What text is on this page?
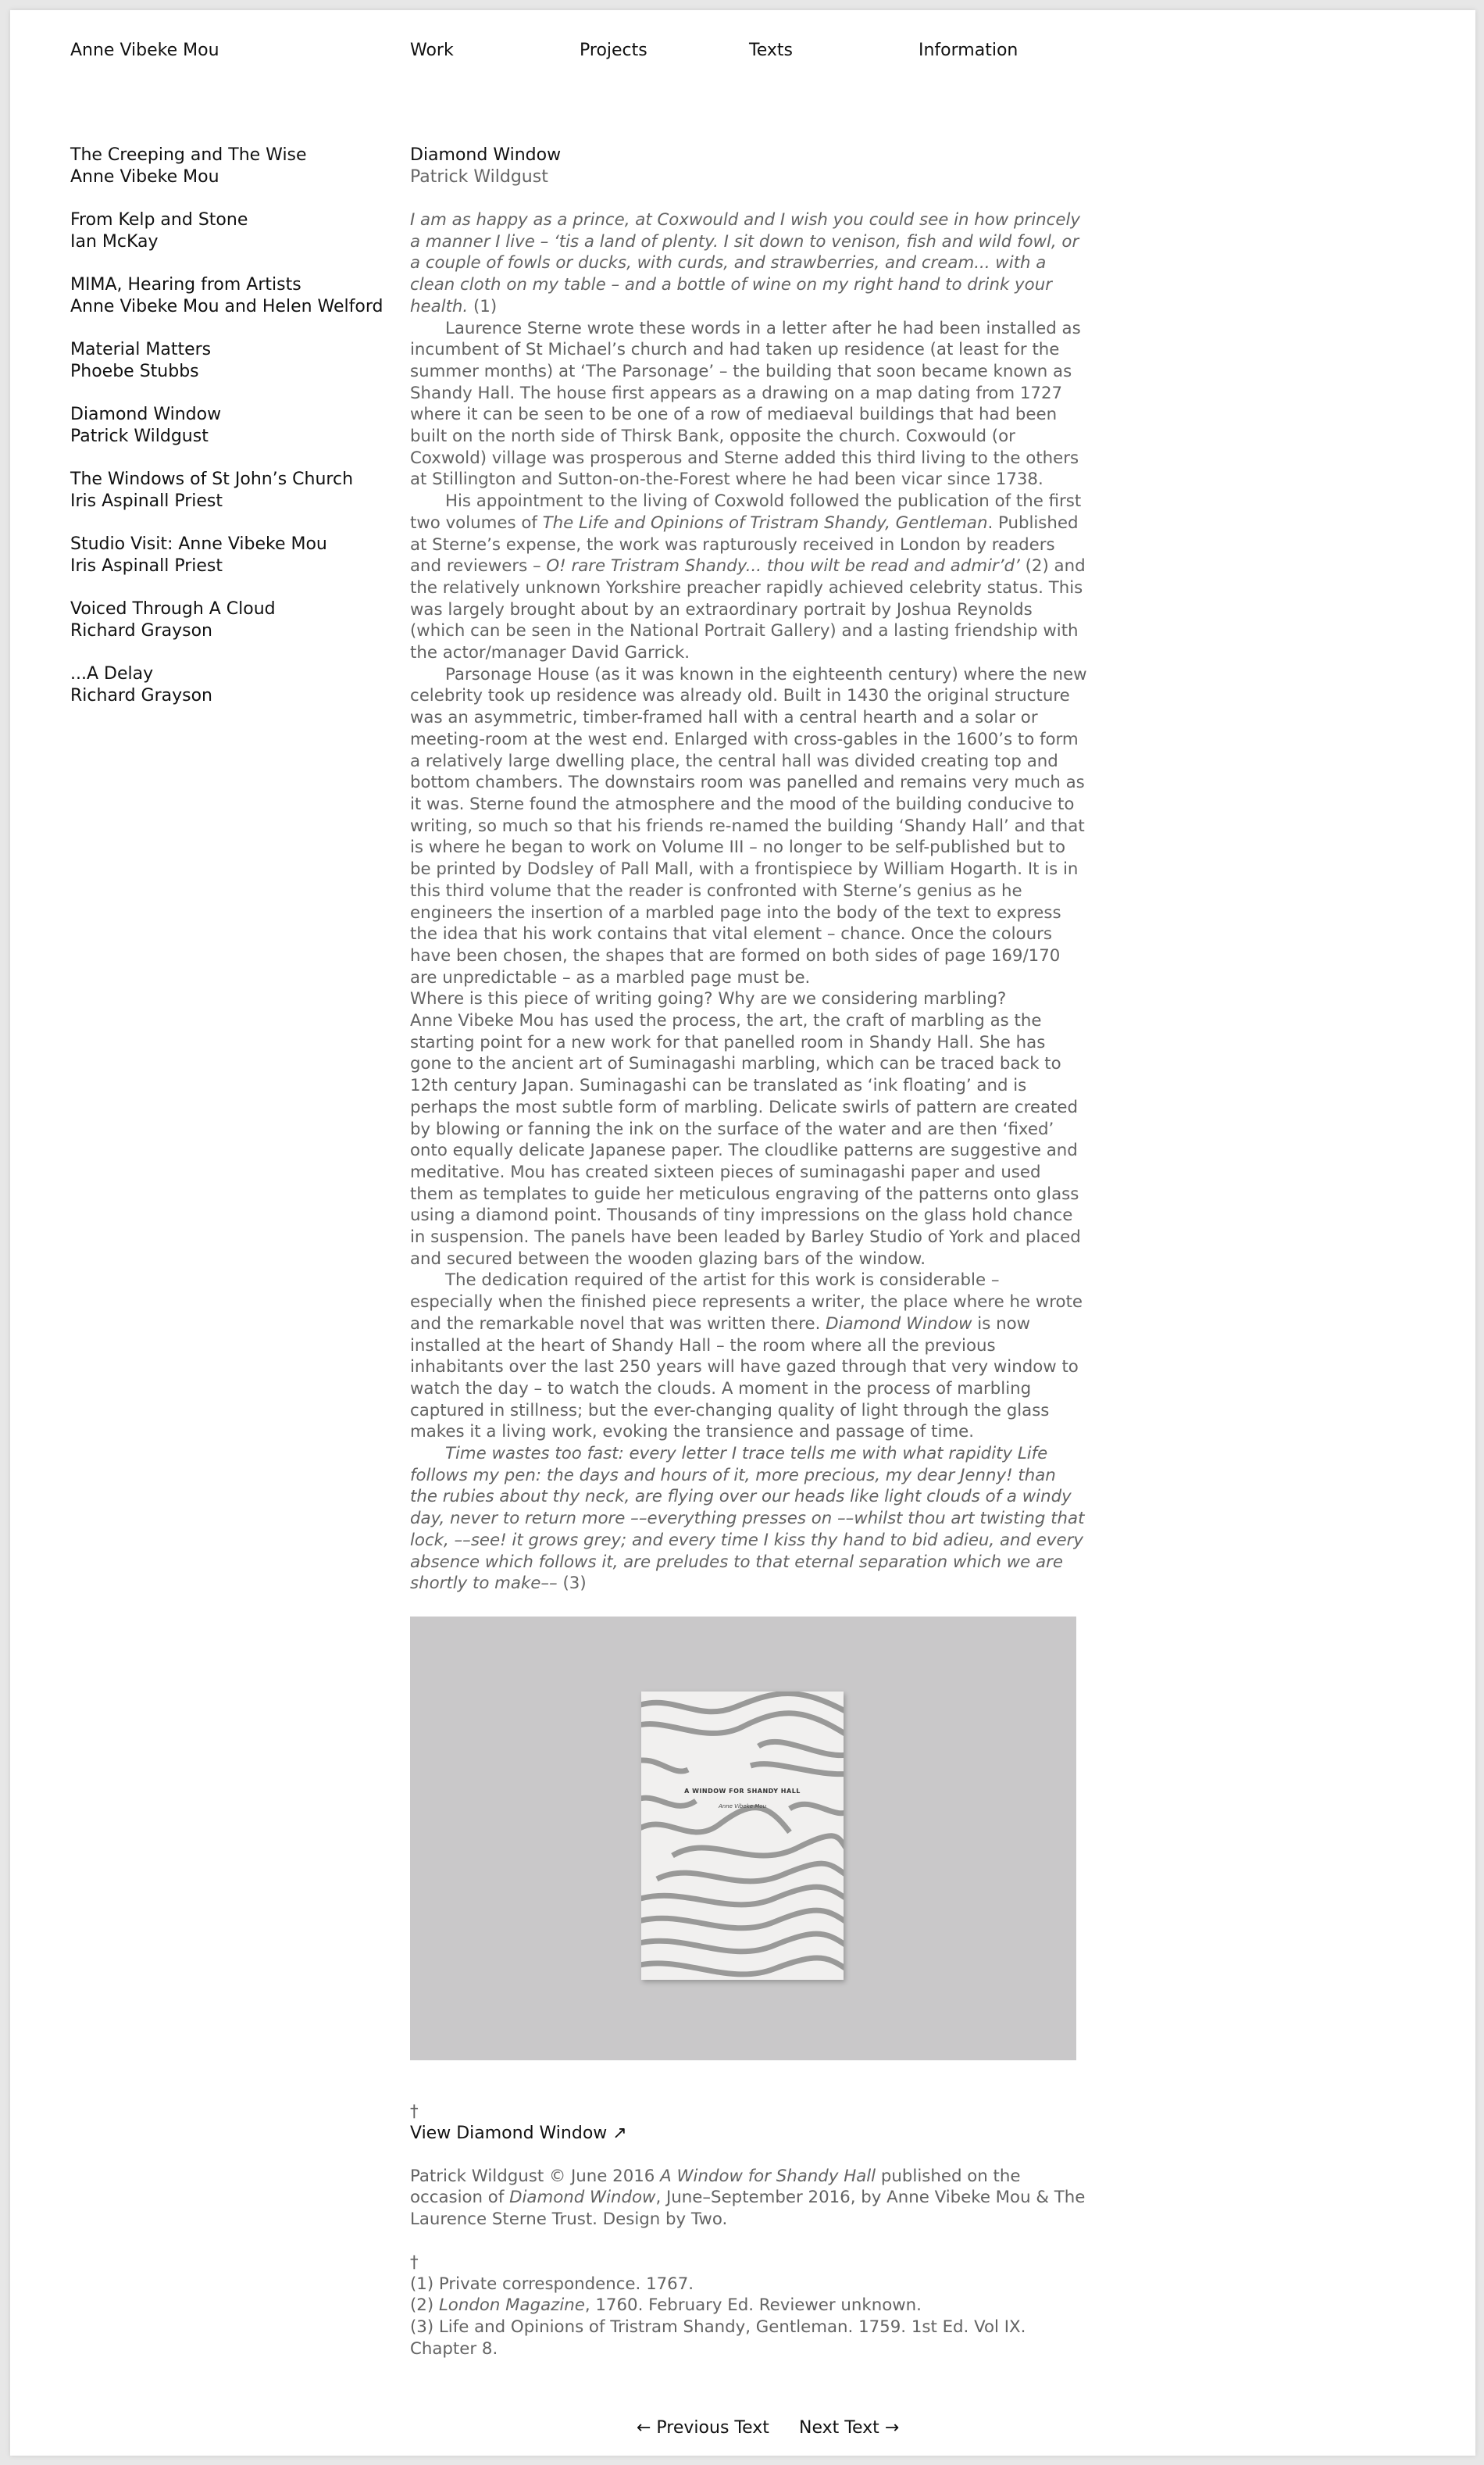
Anne Vibeke Mou	Work	Projects	Texts	Information
The Creeping and The Wise
Anne Vibeke Mou
From Kelp and Stone
Ian McKay
MIMA, Hearing from Artists
Anne Vibeke Mou and Helen Welford
Material Matters
Phoebe Stubbs
Diamond Window
Patrick Wildgust
The Windows of St John’s Church
Iris Aspinall Priest
Studio Visit: Anne Vibeke Mou
Iris Aspinall Priest
Voiced Through A Cloud
Richard Grayson
...A Delay
Richard Grayson
Diamond Window
Patrick Wildgust

I am as happy as a prince, at Coxwould and I wish you could see in how princely a manner I live – ‘tis a land of plenty. I sit down to venison, fish and wild fowl, or a couple of fowls or ducks, with curds, and strawberries, and cream... with a clean cloth on my table – and a bottle of wine on my right hand to drink your health. (1)

Laurence Sterne wrote these words in a letter after he had been installed as incumbent of St Michael’s church and had taken up residence (at least for the summer months) at ‘The Parsonage’ – the building that soon became known as Shandy Hall. The house first appears as a drawing on a map dating from 1727 where it can be seen to be one of a row of mediaeval buildings that had been built on the north side of Thirsk Bank, opposite the church. Coxwould (or Coxwold) village was prosperous and Sterne added this third living to the others at Stillington and Sutton-on-the-Forest where he had been vicar since 1738.

His appointment to the living of Coxwold followed the publication of the first two volumes of The Life and Opinions of Tristram Shandy, Gentleman. Published at Sterne’s expense, the work was rapturously received in London by readers and reviewers – O! rare Tristram Shandy... thou wilt be read and admir’d’ (2) and the relatively unknown Yorkshire preacher rapidly achieved celebrity status. This was largely brought about by an extraordinary portrait by Joshua Reynolds (which can be seen in the National Portrait Gallery) and a lasting friendship with the actor/manager David Garrick.

Parsonage House (as it was known in the eighteenth century) where the new celebrity took up residence was already old. Built in 1430 the original structure was an asymmetric, timber-framed hall with a central hearth and a solar or meeting-room at the west end. Enlarged with cross-gables in the 1600’s to form a relatively large dwelling place, the central hall was divided creating top and bottom chambers. The downstairs room was panelled and remains very much as it was. Sterne found the atmosphere and the mood of the building conducive to writing, so much so that his friends re-named the building ‘Shandy Hall’ and that is where he began to work on Volume III – no longer to be self-published but to be printed by Dodsley of Pall Mall, with a frontispiece by William Hogarth. It is in this third volume that the reader is confronted with Sterne’s genius as he engineers the insertion of a marbled page into the body of the text to express the idea that his work contains that vital element – chance. Once the colours have been chosen, the shapes that are formed on both sides of page 169/170 are unpredictable – as a marbled page must be.

Where is this piece of writing going? Why are we considering marbling?

Anne Vibeke Mou has used the process, the art, the craft of marbling as the starting point for a new work for that panelled room in Shandy Hall. She has gone to the ancient art of Suminagashi marbling, which can be traced back to 12th century Japan. Suminagashi can be translated as ‘ink floating’ and is perhaps the most subtle form of marbling. Delicate swirls of pattern are created by blowing or fanning the ink on the surface of the water and are then ‘fixed’ onto equally delicate Japanese paper. The cloudlike patterns are suggestive and meditative. Mou has created sixteen pieces of suminagashi paper and used them as templates to guide her meticulous engraving of the patterns onto glass using a diamond point. Thousands of tiny impressions on the glass hold chance in suspension. The panels have been leaded by Barley Studio of York and placed and secured between the wooden glazing bars of the window.

The dedication required of the artist for this work is considerable – especially when the finished piece represents a writer, the place where he wrote and the remarkable novel that was written there. Diamond Window is now installed at the heart of Shandy Hall – the room where all the previous inhabitants over the last 250 years will have gazed through that very window to watch the day – to watch the clouds. A moment in the process of marbling captured in stillness; but the ever-changing quality of light through the glass makes it a living work, evoking the transience and passage of time.

Time wastes too fast: every letter I trace tells me with what rapidity Life follows my pen: the days and hours of it, more precious, my dear Jenny! than the rubies about thy neck, are flying over our heads like light clouds of a windy day, never to return more ––everything presses on ––whilst thou art twisting that lock, ––see! it grows grey; and every time I kiss thy hand to bid adieu, and every absence which follows it, are preludes to that eternal separation which we are shortly to make–– (3)

A WINDOW FOR SHANDY HALL
Anne Vibeke Mou
†
View Diamond Window ↗
Patrick Wildgust © June 2016 A Window for Shandy Hall published on the occasion of Diamond Window, June–September 2016, by Anne Vibeke Mou & The Laurence Sterne Trust. Design by Two.
†
(1) Private correspondence. 1767.
(2) London Magazine, 1760. February Ed. Reviewer unknown.
(3) Life and Opinions of Tristram Shandy, Gentleman. 1759. 1st Ed. Vol IX. Chapter 8.
← Previous Text Next Text →
